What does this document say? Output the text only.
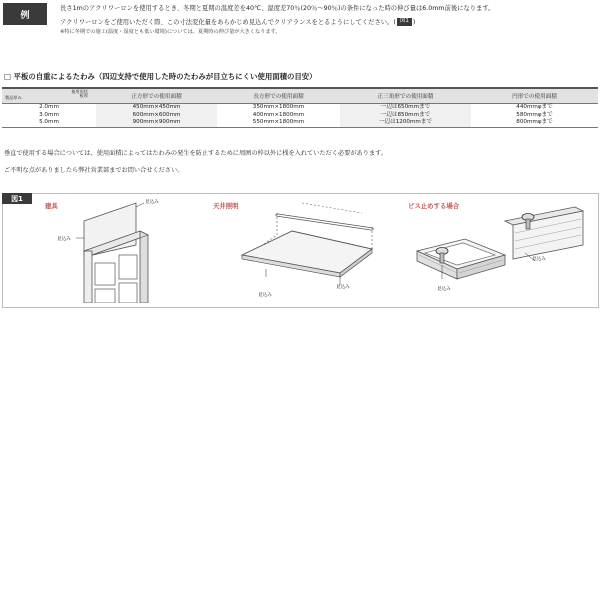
例
長さ1mのアクリワーロンを使用するとき、冬期と夏期の温度差を40℃、湿度差70％(20％〜90％)の条件になった時の伸び量は6.0mm前後になります。
アクリワーロンをご使用いただく際、この寸法変化量をあらかじめ見込んでクリアランスをとるようにしてください。( 図1 )
※特に冬期での施工(温度・湿度とも低い環境)については、夏期時の伸び量が大きくなります。
□ 平板の自重によるたわみ（四辺支持で使用した時のたわみが目立ちにくい使用面積の目安）
使用形状
板厚
製品厚み	正方形での使用面積	長方形での使用面積	正三角形での使用面積	円形での使用面積
2.0mm	450mm×450mm	350mm×1800mm	一辺は650mmまで	440mmφまで
3.0mm	600mm×600mm	400mm×1800mm	一辺は850mmまで	580mmφまで
5.0mm	900mm×900mm	550mm×1800mm	一辺は1200mmまで	800mmφまで
垂直で使用する場合については、使用面積によってはたわみの発生を防止するために周囲の枠以外に桟を入れていただく必要があります。
ご不明な点がありましたら弊社営業部までお問い合せください。
図1
建具	見込み
見込み
天井照明
見込み
見込み
ビス止めする場合
見込み
見込み
